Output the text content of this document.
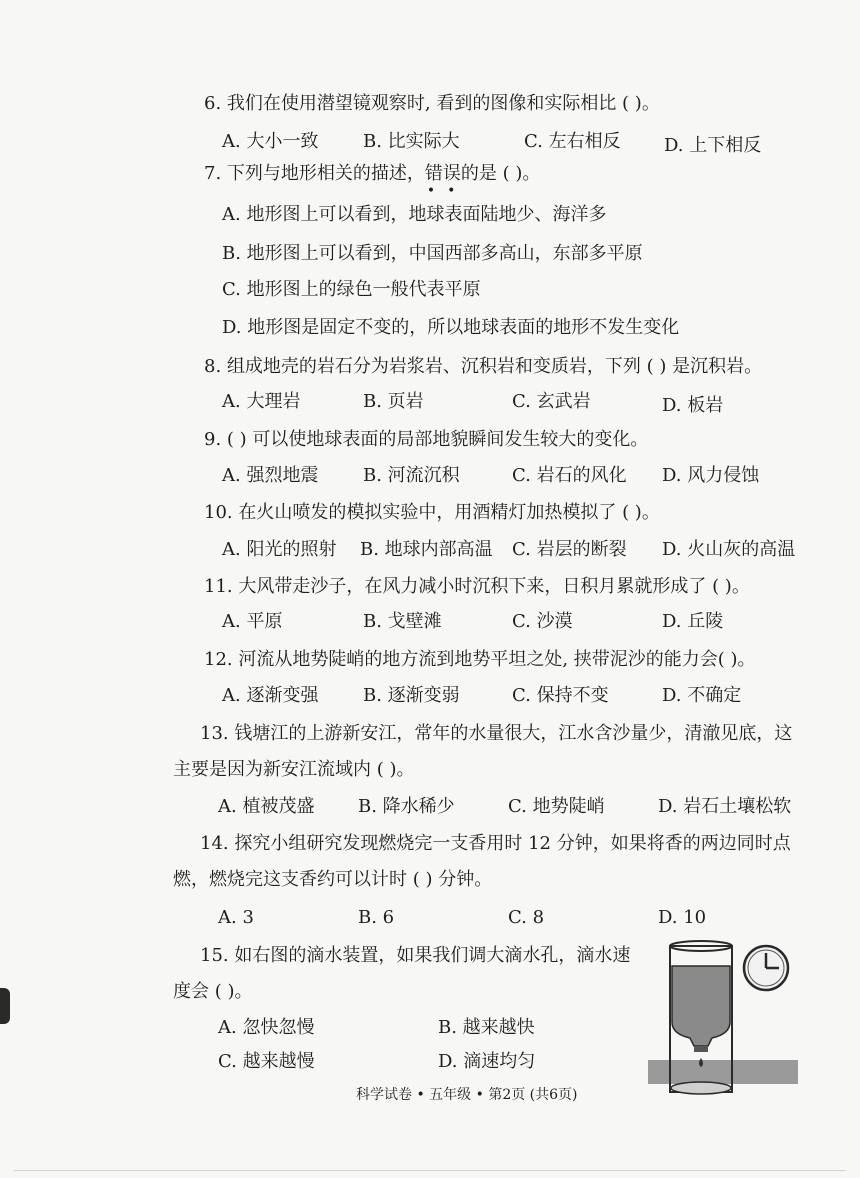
6. 我们在使用潜望镜观察时, 看到的图像和实际相比 ( )。
A. 大小一致 B. 比实际大	C. 左右相反 D. 上下相反
7. 下列与地形相关的描述，错误
••
的是 ( )。
A. 地形图上可以看到，地球表面陆地少、海洋多
B. 地形图上可以看到，中国西部多高山，东部多平原
C. 地形图上的绿色一般代表平原
D. 地形图是固定不变的，所以地球表面的地形不发生变化
8. 组成地壳的岩石分为岩浆岩、沉积岩和变质岩，下列 ( ) 是沉积岩。
A. 大理岩	B. 页岩	C. 玄武岩	D. 板岩
9. ( ) 可以使地球表面的局部地貌瞬间发生较大的变化。
A. 强烈地震 B. 河流沉积	C. 岩石的风化 D. 风力侵蚀
10. 在火山喷发的模拟实验中，用酒精灯加热模拟了 ( )。
A. 阳光的照射 B. 地球内部高温 C. 岩层的断裂 D. 火山灰的高温
11. 大风带走沙子，在风力减小时沉积下来，日积月累就形成了 ( )。
A. 平原	B. 戈壁滩	C. 沙漠	D. 丘陵
12. 河流从地势陡峭的地方流到地势平坦之处, 挟带泥沙的能力会( )。
A. 逐渐变强 B. 逐渐变弱	C. 保持不变	D. 不确定
13. 钱塘江的上游新安江，常年的水量很大，江水含沙量少，清澈见底，这
主要是因为新安江流域内 ( )。
A. 植被茂盛 B. 降水稀少	C. 地势陡峭	D. 岩石土壤松软
14. 探究小组研究发现燃烧完一支香用时 12 分钟，如果将香的两边同时点
燃，燃烧完这支香约可以计时 ( ) 分钟。
A. 3	B. 6	C. 8	D. 10
15. 如右图的滴水装置，如果我们调大滴水孔，滴水速
度会 ( )。
A. 忽快忽慢	B. 越来越快
C. 越来越慢	D. 滴速均匀
科学试卷 • 五年级 • 第2页 (共6页)
